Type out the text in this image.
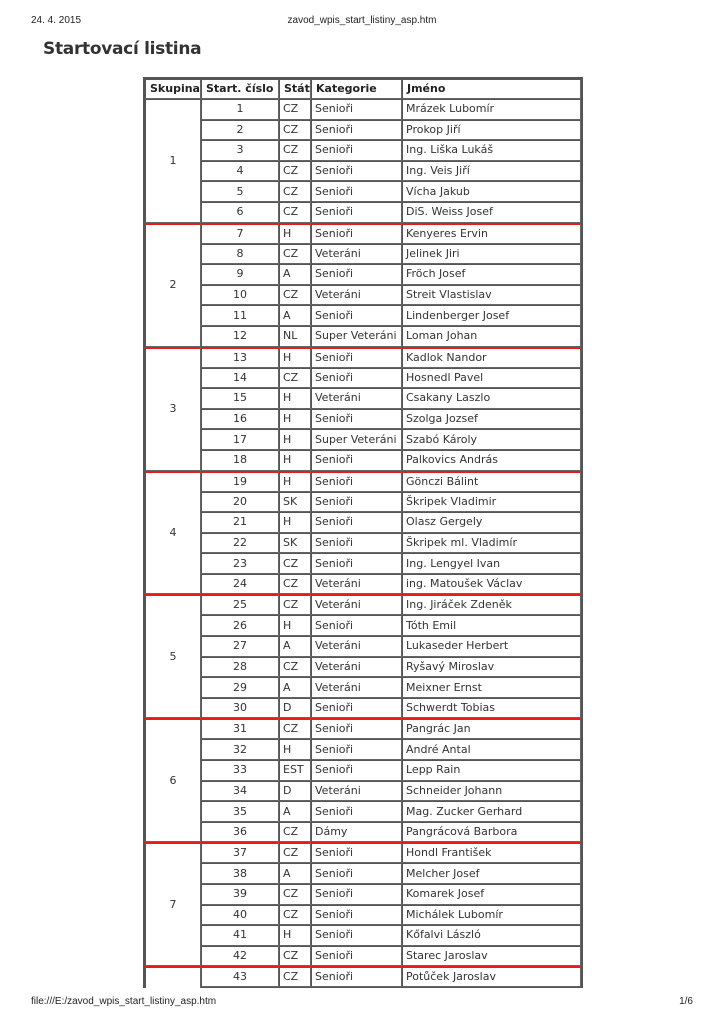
24. 4. 2015	zavod_wpis_start_listiny_asp.htm
Startovací listina
Skupina	Start. číslo	Stát	Kategorie	Jméno
1	1	CZ	Senioři	Mrázek Lubomír
	2	CZ	Senioři	Prokop Jiří
	3	CZ	Senioři	Ing. Liška Lukáš
	4	CZ	Senioři	Ing. Veis Jiří
	5	CZ	Senioři	Vícha Jakub
	6	CZ	Senioři	DiS. Weiss Josef
2	7	H	Senioři	Kenyeres Ervin
	8	CZ	Veteráni	Jelinek Jiri
	9	A	Senioři	Fröch Josef
	10	CZ	Veteráni	Streit Vlastislav
	11	A	Senioři	Lindenberger Josef
	12	NL	Super Veteráni	Loman Johan
3	13	H	Senioři	Kadlok Nandor
	14	CZ	Senioři	Hosnedl Pavel
	15	H	Veteráni	Csakany Laszlo
	16	H	Senioři	Szolga Jozsef
	17	H	Super Veteráni	Szabó Károly
	18	H	Senioři	Palkovics András
4	19	H	Senioři	Gönczi Bálint
	20	SK	Senioři	Škripek Vladimir
	21	H	Senioři	Olasz Gergely
	22	SK	Senioři	Škripek ml. Vladimír
	23	CZ	Senioři	Ing. Lengyel Ivan
	24	CZ	Veteráni	ing. Matoušek Václav
5	25	CZ	Veteráni	Ing. Jiráček Zdeněk
	26	H	Senioři	Tóth Emil
	27	A	Veteráni	Lukaseder Herbert
	28	CZ	Veteráni	Ryšavý Miroslav
	29	A	Veteráni	Meixner Ernst
	30	D	Senioři	Schwerdt Tobias
6	31	CZ	Senioři	Pangrác Jan
	32	H	Senioři	André Antal
	33	EST	Senioři	Lepp Rain
	34	D	Veteráni	Schneider Johann
	35	A	Senioři	Mag. Zucker Gerhard
	36	CZ	Dámy	Pangrácová Barbora
7	37	CZ	Senioři	Hondl František
	38	A	Senioři	Melcher Josef
	39	CZ	Senioři	Komarek Josef
	40	CZ	Senioři	Michálek Lubomír
	41	H	Senioři	Kőfalvi László
	42	CZ	Senioři	Starec Jaroslav
	43	CZ	Senioři	Potůček Jaroslav

file:///E:/zavod_wpis_start_listiny_asp.htm	1/6
